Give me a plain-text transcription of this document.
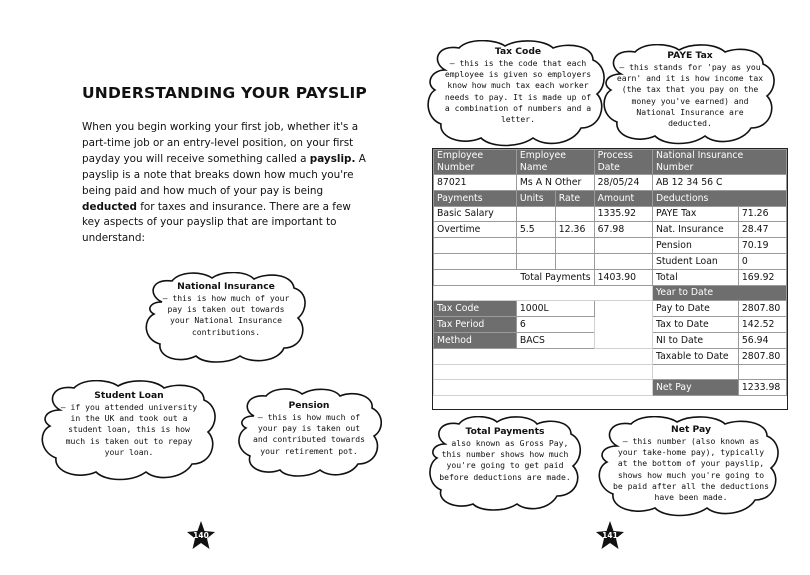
UNDERSTANDING YOUR PAYSLIP
When you begin working your first job, whether it's a part-time job or an entry-level position, on your first payday you will receive something called a payslip. A payslip is a note that breaks down how much you're being paid and how much of your pay is being deducted for taxes and insurance. There are a few key aspects of your payslip that are important to understand:
National Insurance
– this is how much of your pay is taken out towards your National Insurance contributions.
Student Loan
– if you attended university in the UK and took out a student loan, this is how much is taken out to repay your loan.
Pension
– this is how much of your pay is taken out and contributed towards your retirement pot.
140
Tax Code
– this is the code that each employee is given so employers know how much tax each worker needs to pay. It is made up of a combination of numbers and a letter.
PAYE Tax
– this stands for 'pay as you earn' and it is how income tax (the tax that you pay on the money you've earned) and National Insurance are deducted.
Employee Number	Employee Name		Process Date	National Insurance Number	
87021	Ms A N Other		28/05/24	AB 12 34 56 C	
Payments	Units	Rate	Amount	Deductions	
Basic Salary			1335.92	PAYE Tax	71.26
Overtime	5.5	12.36	67.98	Nat. Insurance	28.47
				Pension	70.19
				Student Loan	0
Total Payments			1403.90	Total	169.92
				Year to Date	
Tax Code	1000L			Pay to Date	2807.80
Tax Period	6			Tax to Date	142.52
Method	BACS			NI to Date	56.94
				Taxable to Date	2807.80

				Net Pay	1233.98
Total Payments
– also known as Gross Pay, this number shows how much you're going to get paid before deductions are made.
Net Pay
– this number (also known as your take-home pay), typically at the bottom of your payslip, shows how much you're going to be paid after all the deductions have been made.
141
